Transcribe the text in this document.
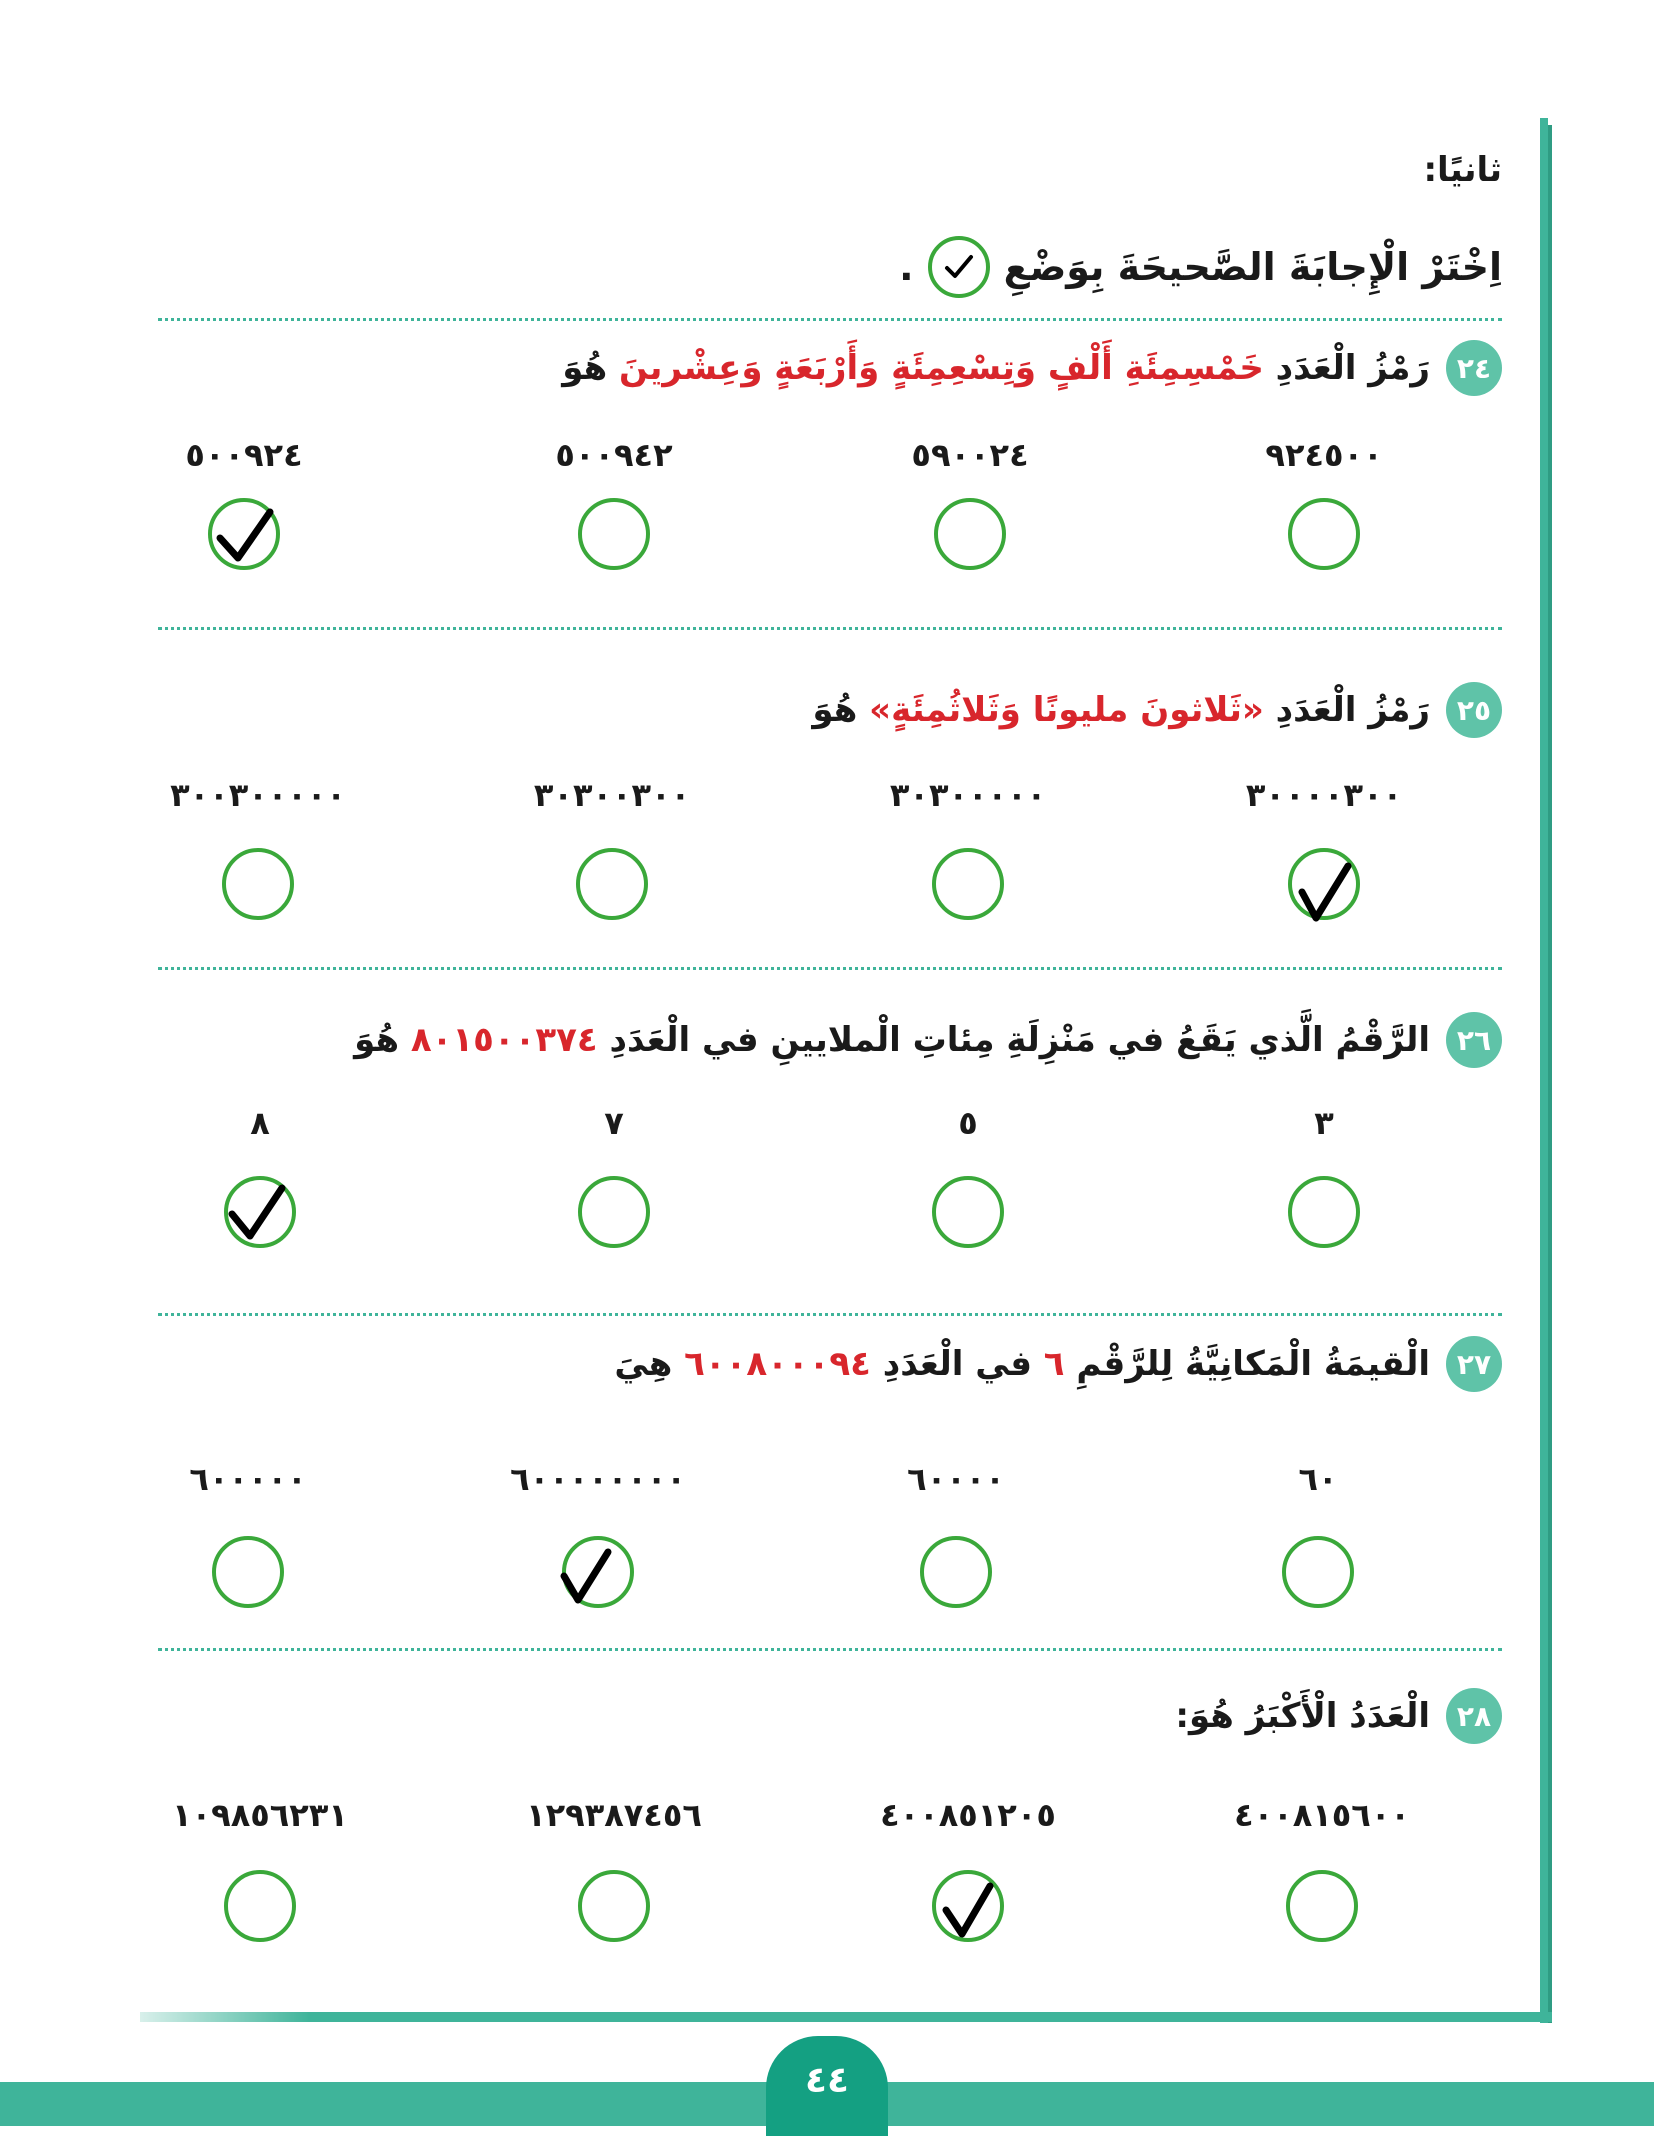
ثانيًا:
اِخْتَرْ الْإِجابَةَ الصَّحيحَةَ بِوَضْعِ
.
٢٤
رَمْزُ الْعَدَدِ خَمْسِمِئَةِ أَلْفٍ وَتِسْعِمِئَةٍ وَأَرْبَعَةٍ وَعِشْرينَ هُوَ
٩٢٤٥٠٠
٥٩٠٠٢٤
٥٠٠٩٤٢
٥٠٠٩٢٤
٢٥
رَمْزُ الْعَدَدِ «ثَلاثونَ مليونًا وَثَلاثُمِئَةٍ» هُوَ
٣٠٠٠٠٣٠٠
٣٠٣٠٠٠٠٠
٣٠٣٠٠٣٠٠
٣٠٠٣٠٠٠٠٠
٢٦
الرَّقْمُ الَّذي يَقَعُ في مَنْزِلَةِ مِئاتِ الْملايينِ في الْعَدَدِ ٨٠١٥٠٠٣٧٤ هُوَ
٣
٥
٧
٨
٢٧
الْقيمَةُ الْمَكانِيَّةُ لِلرَّقْمِ ٦ في الْعَدَدِ ٦٠٠٨٠٠٠٩٤ هِيَ
٦٠
٦٠٠٠٠
٦٠٠٠٠٠٠٠٠
٦٠٠٠٠٠
٢٨
الْعَدَدُ الْأَكْبَرُ هُوَ:
٤٠٠٨١٥٦٠٠
٤٠٠٨٥١٢٠٥
١٢٩٣٨٧٤٥٦
١٠٩٨٥٦٢٣١
٤٤
